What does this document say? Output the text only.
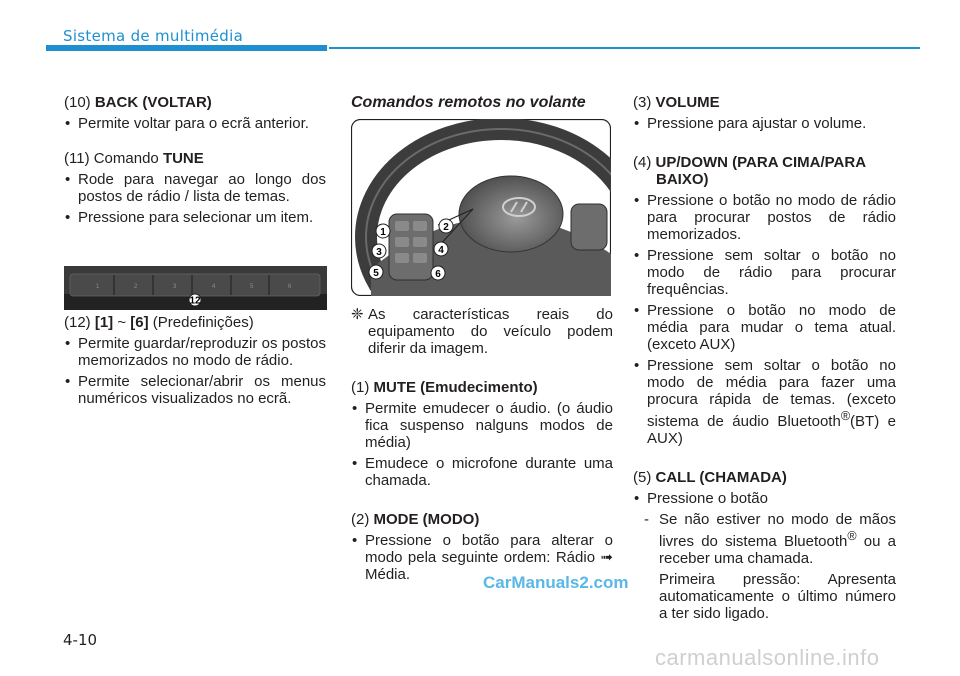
Sistema de multimédia

(10) BACK (VOLTAR)

• Permite voltar para o ecrã anterior.

(11) Comando TUNE

• Rode para navegar ao longo dos postos de rádio / lista de temas.

• Pressione para selecionar um item.

1	2	3	4	5	6
12

(12) [1] ~ [6] (Predefinições)

• Permite guardar/reproduzir os postos memorizados no modo de rádio.

• Permite selecionar/abrir os menus numéricos visualizados no ecrã.

Comandos remotos no volante

1	2
3	4
5	6

❈ As características reais do equipamento do veículo podem diferir da imagem.

(1) MUTE (Emudecimento)

• Permite emudecer o áudio. (o áudio fica suspenso nalguns modos de média)

• Emudece o microfone durante uma chamada.

(2) MODE (MODO)

• Pressione o botão para alterar o modo pela seguinte ordem: Rádio ➟ Média.

(3) VOLUME

• Pressione para ajustar o volume.

(4) UP/DOWN (PARA CIMA/PARA BAIXO)

• Pressione o botão no modo de rádio para procurar postos de rádio memorizados.

• Pressione sem soltar o botão no modo de rádio para procurar frequências.

• Pressione o botão no modo de média para mudar o tema atual. (exceto AUX)

• Pressione sem soltar o botão no modo de média para fazer uma procura rápida de temas. (exceto sistema de áudio Bluetooth®(BT) e AUX)

(5) CALL (CHAMADA)

• Pressione o botão

- Se não estiver no modo de mãos livres do sistema Bluetooth® ou a receber uma chamada.

Primeira pressão: Apresenta automaticamente o último número a ter sido ligado.

4-10
CarManuals2.com
carmanualsonline.info
